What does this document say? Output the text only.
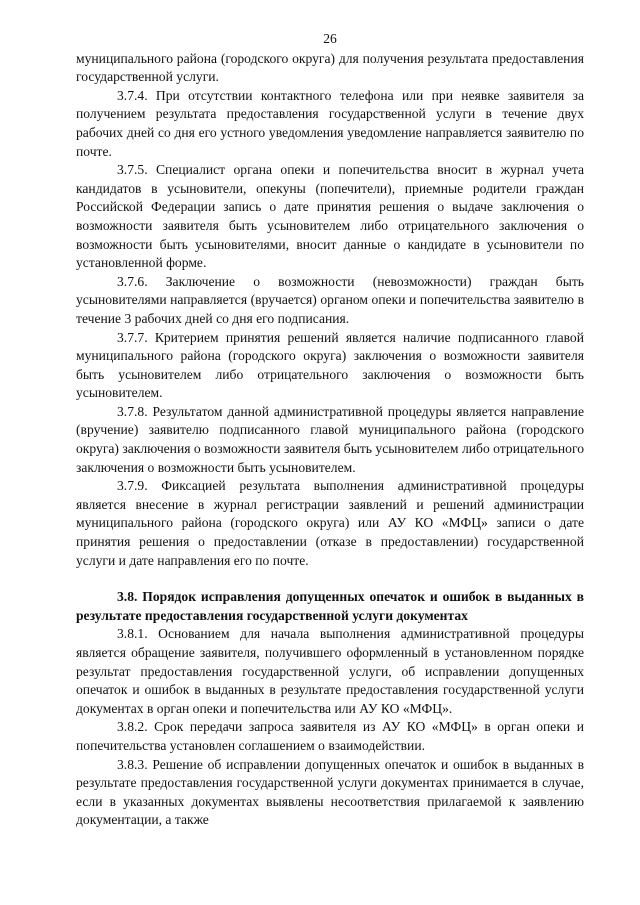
26

муниципального района (городского округа) для получения результата предоставления государственной услуги.

3.7.4. При отсутствии контактного телефона или при неявке заявителя за получением результата предоставления государственной услуги в течение двух рабочих дней со дня его устного уведомления уведомление направляется заявителю по почте.

3.7.5. Специалист органа опеки и попечительства вносит в журнал учета кандидатов в усыновители, опекуны (попечители), приемные родители граждан Российской Федерации запись о дате принятия решения о выдаче заключения о возможности заявителя быть усыновителем либо отрицательного заключения о возможности быть усыновителями, вносит данные о кандидате в усыновители по установленной форме.

3.7.6. Заключение о возможности (невозможности) граждан быть усыновителями направляется (вручается) органом опеки и попечительства заявителю в течение 3 рабочих дней со дня его подписания.

3.7.7. Критерием принятия решений является наличие подписанного главой муниципального района (городского округа) заключения о возможности заявителя быть усыновителем либо отрицательного заключения о возможности быть усыновителем.

3.7.8. Результатом данной административной процедуры является направление (вручение) заявителю подписанного главой муниципального района (городского округа) заключения о возможности заявителя быть усыновителем либо отрицательного заключения о возможности быть усыновителем.

3.7.9. Фиксацией результата выполнения административной процедуры является внесение в журнал регистрации заявлений и решений администрации муниципального района (городского округа) или АУ КО «МФЦ» записи о дате принятия решения о предоставлении (отказе в предоставлении) государственной услуги и дате направления его по почте.

3.8. Порядок исправления допущенных опечаток и ошибок в выданных в результате предоставления государственной услуги документах

3.8.1. Основанием для начала выполнения административной процедуры является обращение заявителя, получившего оформленный в установленном порядке результат предоставления государственной услуги, об исправлении допущенных опечаток и ошибок в выданных в результате предоставления государственной услуги документах в орган опеки и попечительства или АУ КО «МФЦ».

3.8.2. Срок передачи запроса заявителя из АУ КО «МФЦ» в орган опеки и попечительства установлен соглашением о взаимодействии.

3.8.3. Решение об исправлении допущенных опечаток и ошибок в выданных в результате предоставления государственной услуги документах принимается в случае, если в указанных документах выявлены несоответствия прилагаемой к заявлению документации, а также
